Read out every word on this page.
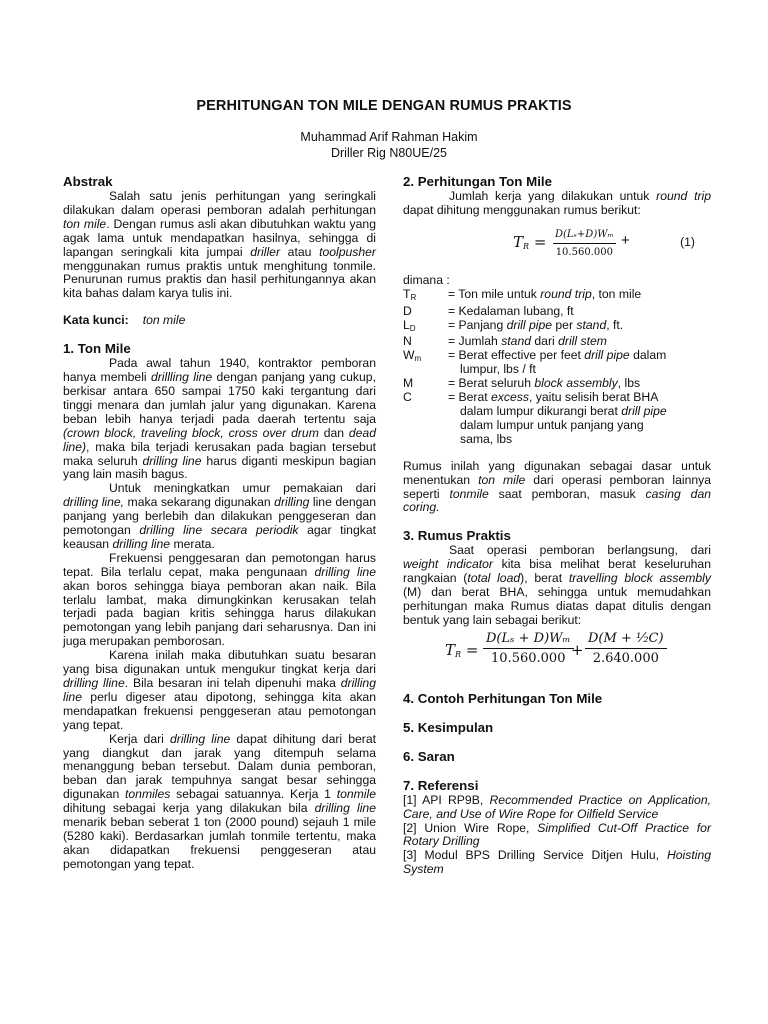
PERHITUNGAN TON MILE DENGAN RUMUS PRAKTIS
Muhammad Arif Rahman Hakim
Driller Rig N80UE/25
Abstrak

Salah satu jenis perhitungan yang seringkali dilakukan dalam operasi pemboran adalah perhitungan ton mile. Dengan rumus asli akan dibutuhkan waktu yang agak lama untuk mendapatkan hasilnya, sehingga di lapangan seringkali kita jumpai driller atau toolpusher menggunakan rumus praktis untuk menghitung tonmile. Penurunan rumus praktis dan hasil perhitungannya akan kita bahas dalam karya tulis ini.

Kata kunci: ton mile

1. Ton Mile

Pada awal tahun 1940, kontraktor pemboran hanya membeli drillling line dengan panjang yang cukup, berkisar antara 650 sampai 1750 kaki tergantung dari tinggi menara dan jumlah jalur yang digunakan. Karena beban lebih hanya terjadi pada daerah tertentu saja (crown block, traveling block, cross over drum dan dead line), maka bila terjadi kerusakan pada bagian tersebut maka seluruh drilling line harus diganti meskipun bagian yang lain masih bagus.

Untuk meningkatkan umur pemakaian dari drilling line, maka sekarang digunakan drilling line dengan panjang yang berlebih dan dilakukan penggeseran dan pemotongan drilling line secara periodik agar tingkat keausan drilling line merata.

Frekuensi penggesaran dan pemotongan harus tepat. Bila terlalu cepat, maka pengunaan drilling line akan boros sehingga biaya pemboran akan naik. Bila terlalu lambat, maka dimungkinkan kerusakan telah terjadi pada bagian kritis sehingga harus dilakukan pemotongan yang lebih panjang dari seharusnya. Dan ini juga merupakan pemborosan.

Karena inilah maka dibutuhkan suatu besaran yang bisa digunakan untuk mengukur tingkat kerja dari drilling lline. Bila besaran ini telah dipenuhi maka drilling line perlu digeser atau dipotong, sehingga kita akan mendapatkan frekuensi penggeseran atau pemotongan yang tepat.

Kerja dari drilling line dapat dihitung dari berat yang diangkut dan jarak yang ditempuh selama menanggung beban tersebut. Dalam dunia pemboran, beban dan jarak tempuhnya sangat besar sehingga digunakan tonmiles sebagai satuannya. Kerja 1 tonmile dihitung sebagai kerja yang dilakukan bila drilling line menarik beban seberat 1 ton (2000 pound) sejauh 1 mile (5280 kaki). Berdasarkan jumlah tonmile tertentu, maka akan didapatkan frekuensi penggeseran atau pemotongan yang tepat.

2. Perhitungan Ton Mile

Jumlah kerja yang dilakukan untuk round trip dapat dihitung menggunakan rumus berikut:

$T_R = \frac{\text{D(Lₛ+D)Wₘ}}{10.560.000}$ +	(1)

dimana :

$T_R$	= Ton mile untuk round trip, ton mile
D	= Kedalaman lubang, ft
$L_D$	= Panjang drill pipe per stand, ft.
N	= Jumlah stand dari drill stem
$W_m$	= Berat effective per feet drill pipe dalam
lumpur, lbs / ft
M	= Berat seluruh block assembly, lbs
C	= Berat excess, yaitu selisih berat BHA
dalam lumpur dikurangi berat drill pipe
dalam lumpur untuk panjang yang
sama, lbs

Rumus inilah yang digunakan sebagai dasar untuk menentukan ton mile dari operasi pemboran lainnya seperti tonmile saat pemboran, masuk casing dan coring.

3. Rumus Praktis

Saat operasi pemboran berlangsung, dari weight indicator kita bisa melihat berat keseluruhan rangkaian (total load), berat travelling block assembly (M) dan berat BHA, sehingga untuk memudahkan perhitungan maka Rumus diatas dapat ditulis dengan bentuk yang lain sebagai berikut:

$T_R = \frac{\text{D(Lₛ + D)Wₘ}}{10.560.000}$
+ $\frac{\text{D(M + ¹⁄₂C)}}{2.640.000}$
4. Contoh Perhitungan Ton Mile
5. Kesimpulan
6. Saran
7. Referensi

[1] API RP9B, Recommended Practice on Application, Care, and Use of Wire Rope for Oilfield Service

[2] Union Wire Rope, Simplified Cut-Off Practice for Rotary Drilling

[3] Modul BPS Drilling Service Ditjen Hulu, Hoisting System
